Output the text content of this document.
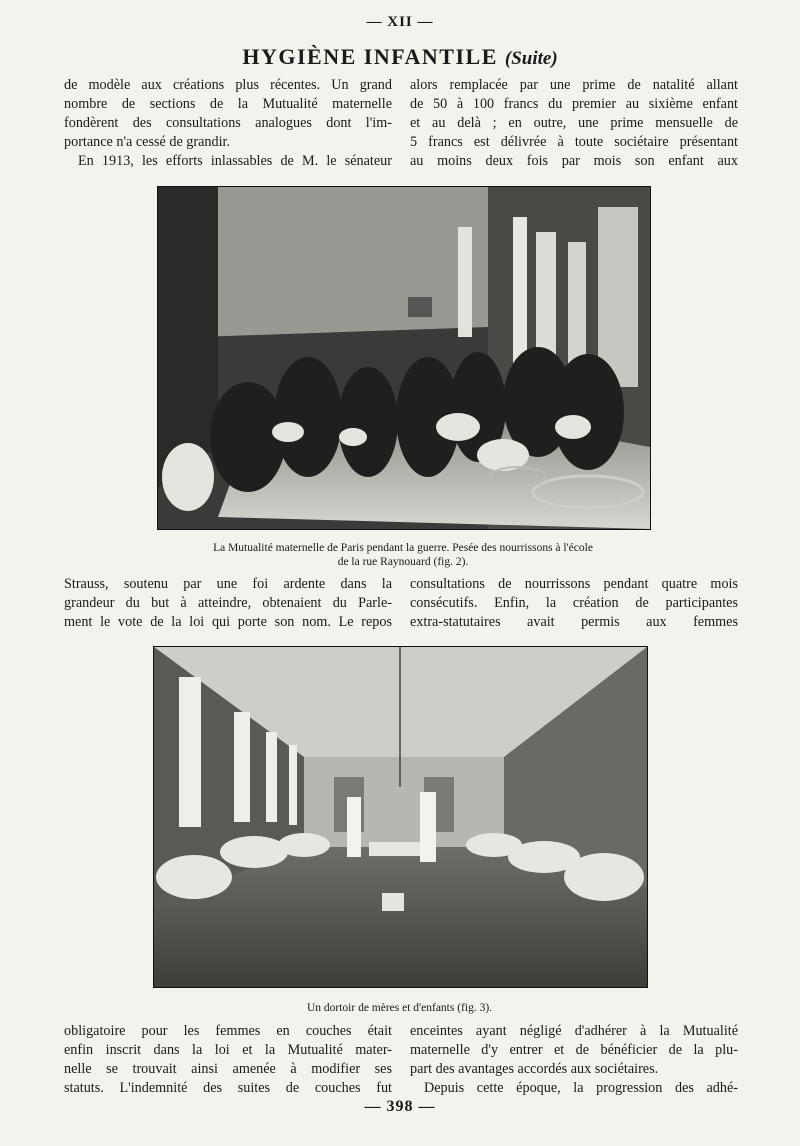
— XII —
HYGIÈNE INFANTILE (Suite)
de modèle aux créations plus récentes. Un grand
nombre de sections de la Mutualité maternelle
fondèrent des consultations analogues dont l'im-
portance n'a cessé de grandir.
En 1913, les efforts inlassables de M. le sénateur
alors remplacée par une prime de natalité allant
de 50 à 100 francs du premier au sixième enfant
et au delà ; en outre, une prime mensuelle de
5 francs est délivrée à toute sociétaire présentant
au moins deux fois par mois son enfant aux
La Mutualité maternelle de Paris pendant la guerre. Pesée des nourrissons à l'école
de la rue Raynouard (fig. 2).
Strauss, soutenu par une foi ardente dans la
grandeur du but à atteindre, obtenaient du Parle-
ment le vote de la loi qui porte son nom. Le repos
consultations de nourrissons pendant quatre mois
consécutifs. Enfin, la création de participantes
extra-statutaires avait permis aux femmes
Un dortoir de mères et d'enfants (fig. 3).
obligatoire pour les femmes en couches était
enfin inscrit dans la loi et la Mutualité mater-
nelle se trouvait ainsi amenée à modifier ses
statuts. L'indemnité des suites de couches fut
enceintes ayant négligé d'adhérer à la Mutualité
maternelle d'y entrer et de bénéficier de la plu-
part des avantages accordés aux sociétaires.
Depuis cette époque, la progression des adhé-
— 398 —
